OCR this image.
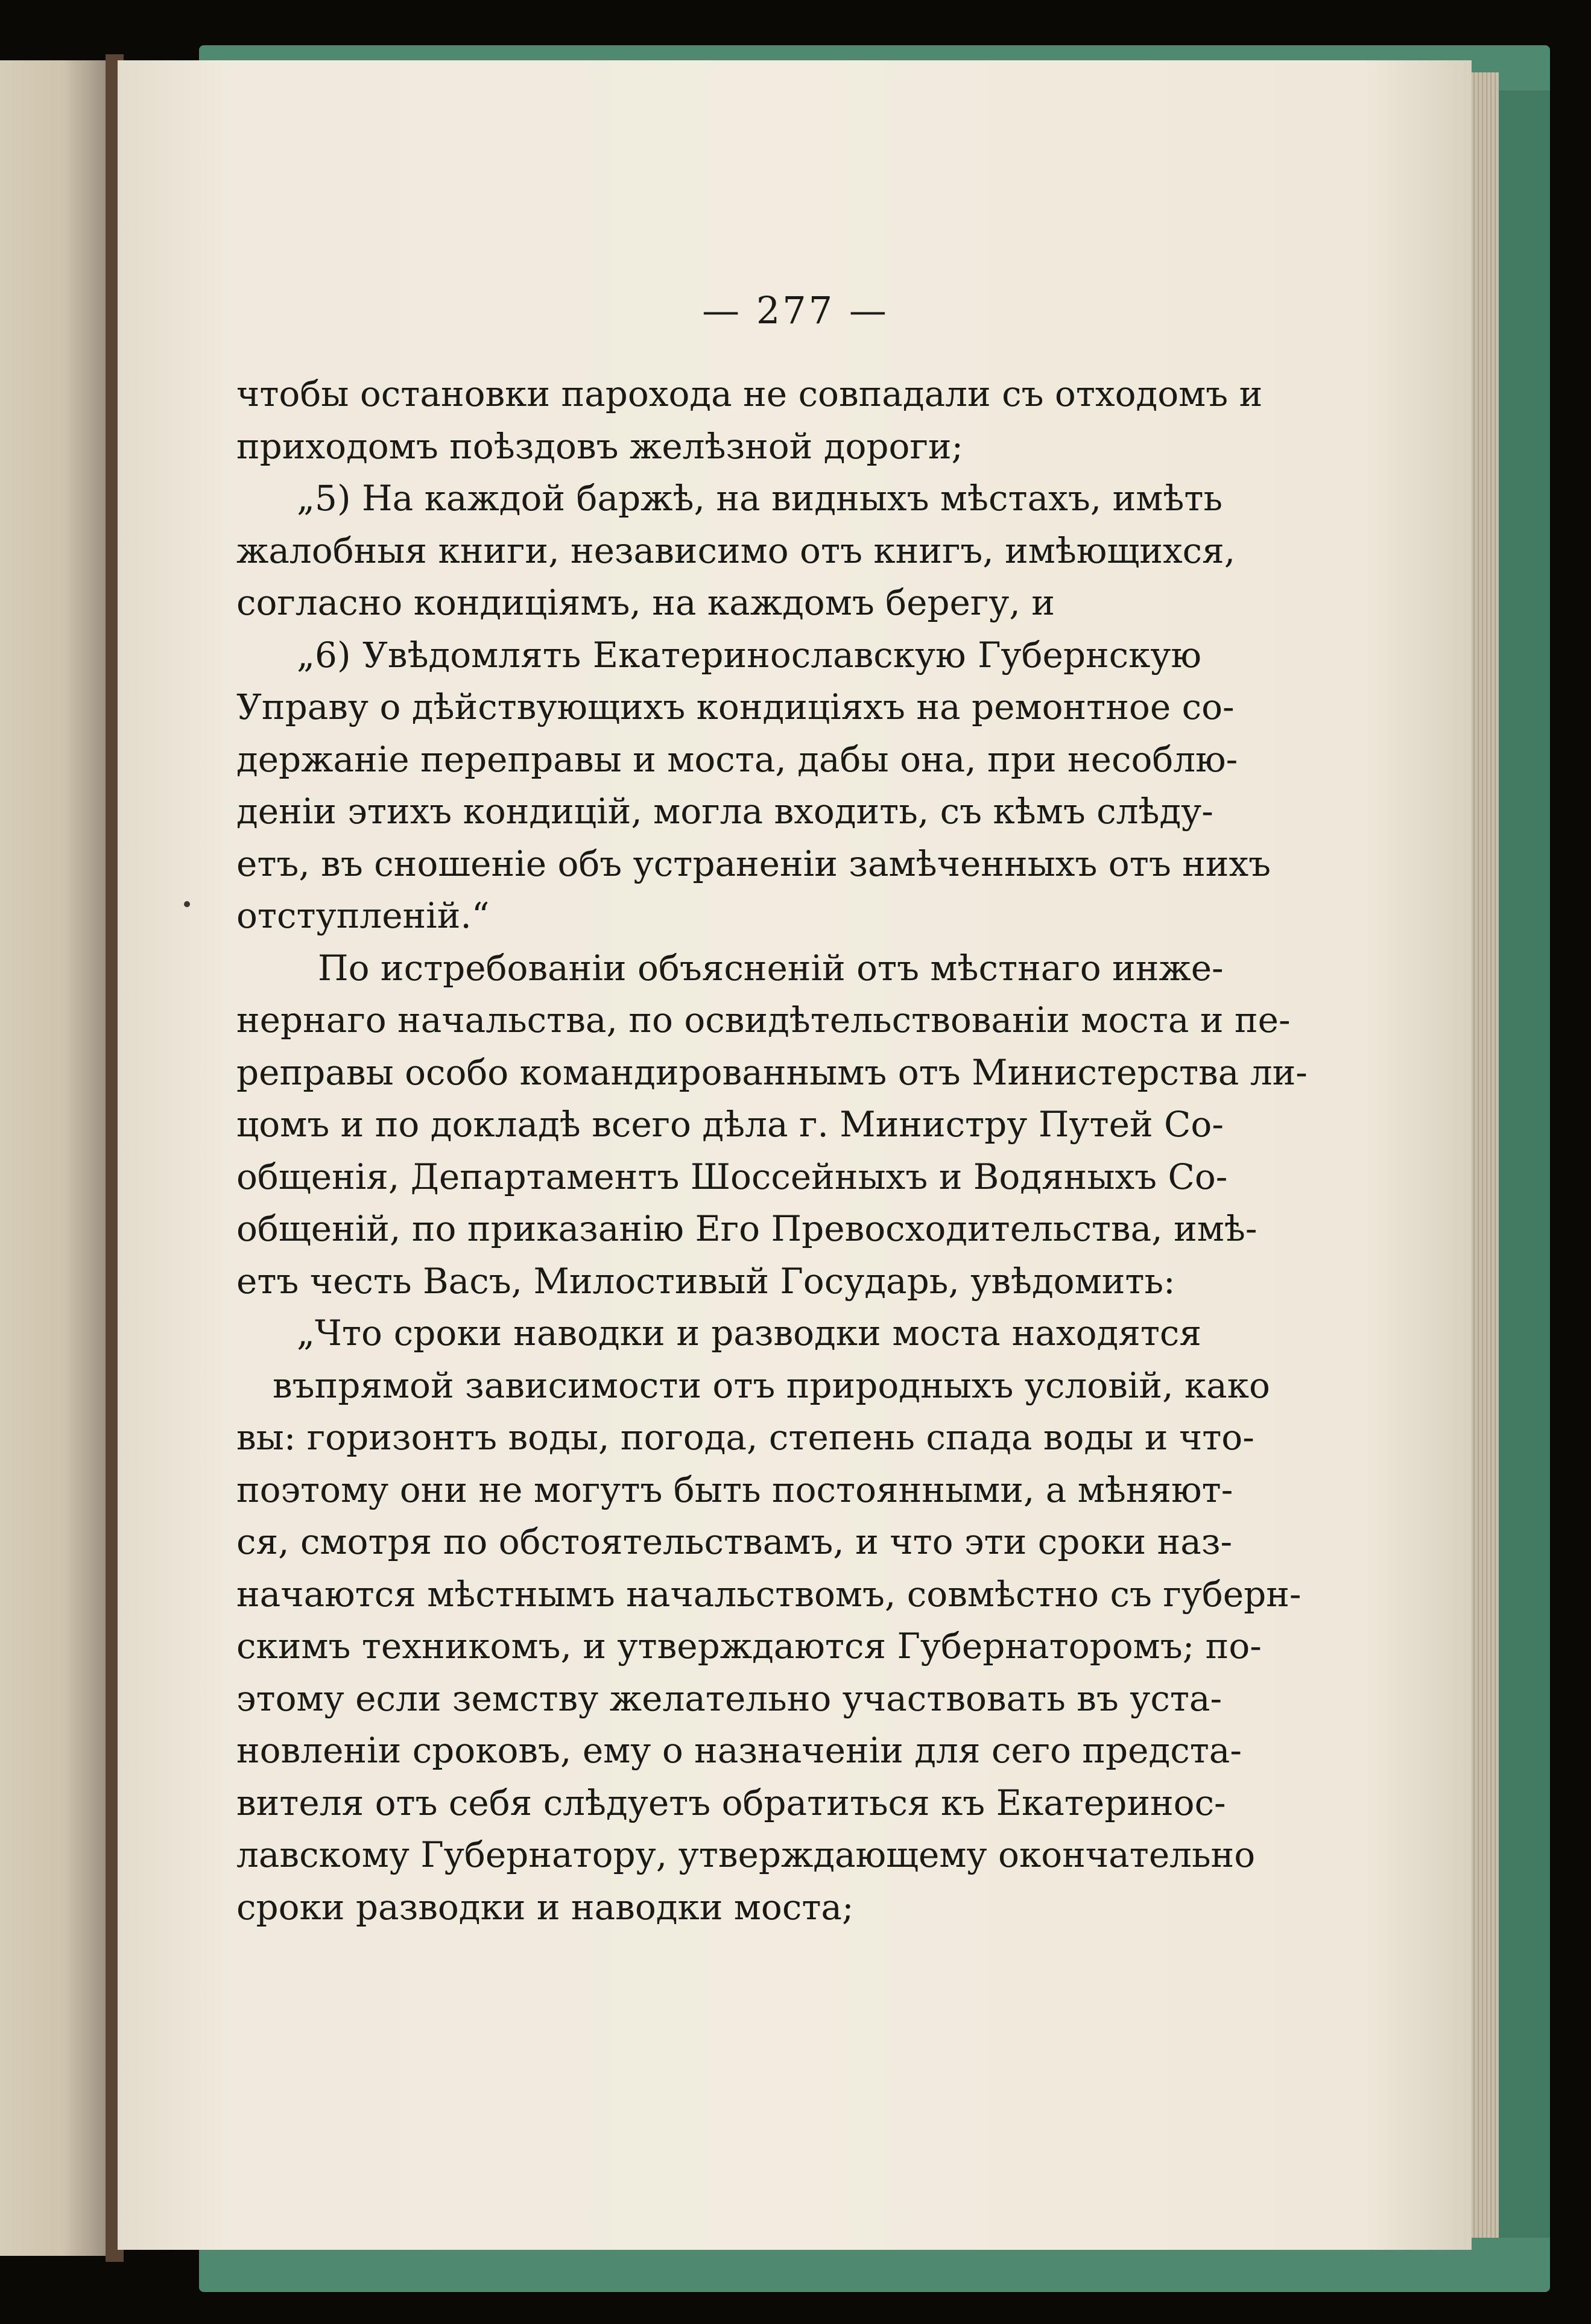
— 277 —
чтобы остановки парохода не совпадали съ отходомъ и
приходомъ поѣздовъ желѣзной дороги;
„5) На каждой баржѣ, на видныхъ мѣстахъ, имѣть
жалобныя книги, независимо отъ книгъ, имѣющихся,
согласно кондиціямъ, на каждомъ берегу, и
„6) Увѣдомлять Екатеринославскую Губернскую
Управу о дѣйствующихъ кондиціяхъ на ремонтное со-
держаніе переправы и моста, дабы она, при несоблю-
деніи этихъ кондицій, могла входить, съ кѣмъ слѣду-
етъ, въ сношеніе объ устраненіи замѣченныхъ отъ нихъ
отступленій.“
По истребованіи объясненій отъ мѣстнаго инже-
нернаго начальства, по освидѣтельствованіи моста и пе-
реправы особо командированнымъ отъ Министерства ли-
цомъ и по докладѣ всего дѣла г. Министру Путей Со-
общенія, Департаментъ Шоссейныхъ и Водяныхъ Со-
общеній, по приказанію Его Превосходительства, имѣ-
етъ честь Васъ, Милостивый Государь, увѣдомить:
„Что сроки наводки и разводки моста находятся
въпрямой зависимости отъ природныхъ условій, како
вы: горизонтъ воды, погода, степень спада воды и что-
поэтому они не могутъ быть постоянными, а мѣняют-
ся, смотря по обстоятельствамъ, и что эти сроки наз-
начаются мѣстнымъ начальствомъ, совмѣстно съ губерн-
скимъ техникомъ, и утверждаются Губернаторомъ; по-
этому если земству желательно участвовать въ уста-
новленіи сроковъ, ему о назначеніи для сего предста-
вителя отъ себя слѣдуетъ обратиться къ Екатеринос-
лавскому Губернатору, утверждающему окончательно
сроки разводки и наводки моста;
